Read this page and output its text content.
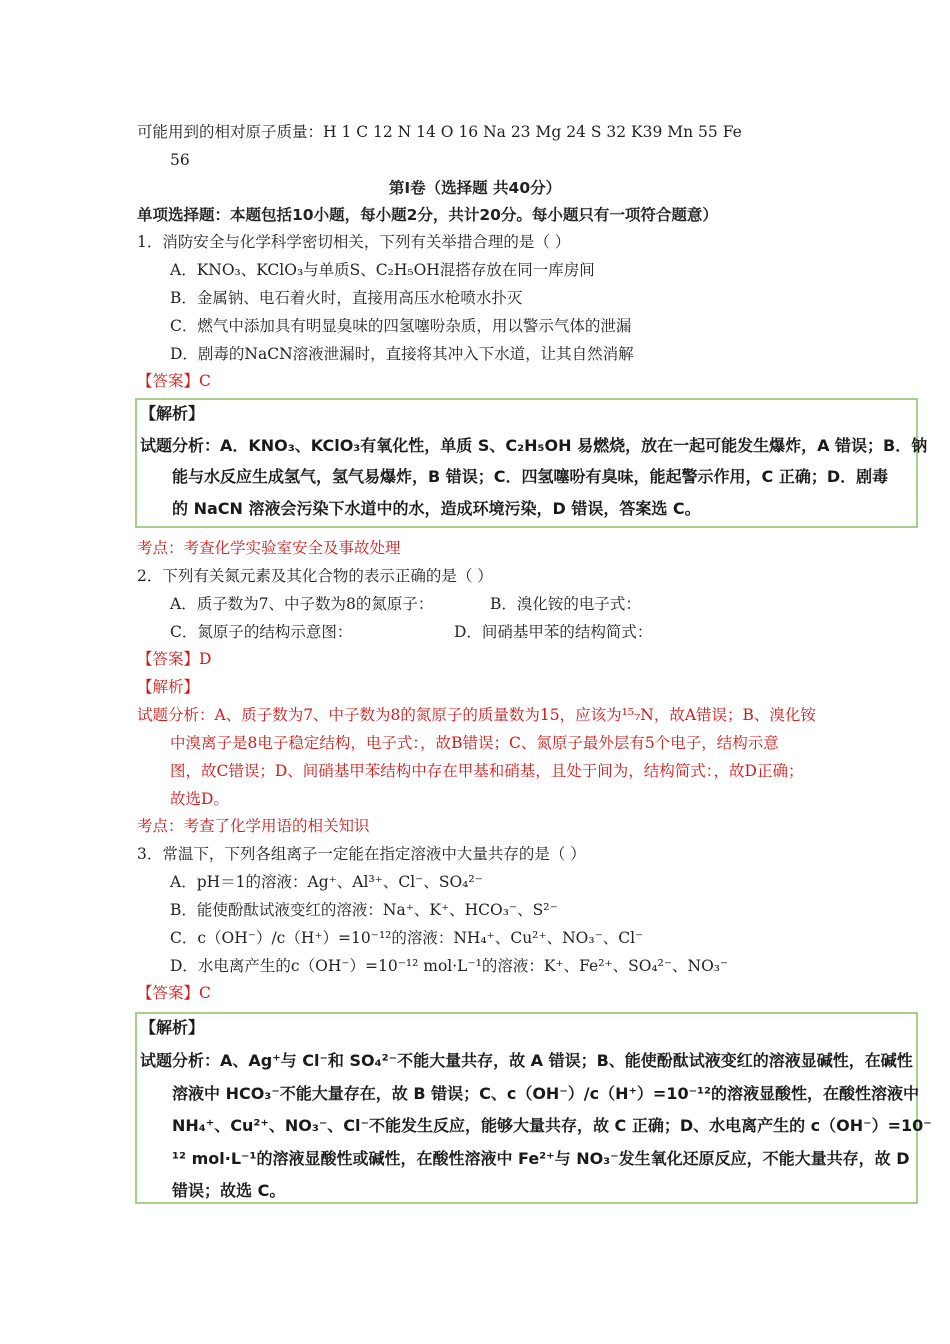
可能用到的相对原子质量：H 1 C 12 N 14 O 16 Na 23 Mg 24 S 32 K39 Mn 55 Fe
56
第Ⅰ卷（选择题 共40分）
单项选择题：本题包括10小题，每小题2分，共计20分。每小题只有一项符合题意）
1．消防安全与化学科学密切相关，下列有关举措合理的是（ ）
A．KNO₃、KClO₃与单质S、C₂H₅OH混搭存放在同一库房间
B．金属钠、电石着火时，直接用高压水枪喷水扑灭
C．燃气中添加具有明显臭味的四氢噻吩杂质，用以警示气体的泄漏
D．剧毒的NaCN溶液泄漏时，直接将其冲入下水道，让其自然消解
【答案】C
【解析】
试题分析：A．KNO₃、KClO₃有氧化性，单质 S、C₂H₅OH 易燃烧，放在一起可能发生爆炸，A 错误；B．钠
能与水反应生成氢气，氢气易爆炸，B 错误；C．四氢噻吩有臭味，能起警示作用，C 正确；D．剧毒
的 NaCN 溶液会污染下水道中的水，造成环境污染，D 错误，答案选 C。
考点：考查化学实验室安全及事故处理
2．下列有关氮元素及其化合物的表示正确的是（ ）
A．质子数为7、中子数为8的氮原子：	B．溴化铵的电子式：
C．氮原子的结构示意图：	D．间硝基甲苯的结构简式：
【答案】D
【解析】
试题分析：A、质子数为7、中子数为8的氮原子的质量数为15，应该为¹⁵₇N，故A错误；B、溴化铵
中溴离子是8电子稳定结构，电子式：，故B错误；C、氮原子最外层有5个电子，结构示意
图，故C错误；D、间硝基甲苯结构中存在甲基和硝基，且处于间为，结构简式：，故D正确；
故选D。
考点：考查了化学用语的相关知识
3．常温下，下列各组离子一定能在指定溶液中大量共存的是（ ）
A．pH＝1的溶液：Ag⁺、Al³⁺、Cl⁻、SO₄²⁻
B．能使酚酞试液变红的溶液：Na⁺、K⁺、HCO₃⁻、S²⁻
C．c（OH⁻）/c（H⁺）=10⁻¹²的溶液：NH₄⁺、Cu²⁺、NO₃⁻、Cl⁻
D．水电离产生的c（OH⁻）=10⁻¹² mol·L⁻¹的溶液：K⁺、Fe²⁺、SO₄²⁻、NO₃⁻
【答案】C
【解析】
试题分析：A、Ag⁺与 Cl⁻和 SO₄²⁻不能大量共存，故 A 错误；B、能使酚酞试液变红的溶液显碱性，在碱性
溶液中 HCO₃⁻不能大量存在，故 B 错误；C、c（OH⁻）/c（H⁺）=10⁻¹²的溶液显酸性，在酸性溶液中
NH₄⁺、Cu²⁺、NO₃⁻、Cl⁻不能发生反应，能够大量共存，故 C 正确；D、水电离产生的 c（OH⁻）=10⁻
¹² mol·L⁻¹的溶液显酸性或碱性，在酸性溶液中 Fe²⁺与 NO₃⁻发生氧化还原反应，不能大量共存，故 D
错误；故选 C。
